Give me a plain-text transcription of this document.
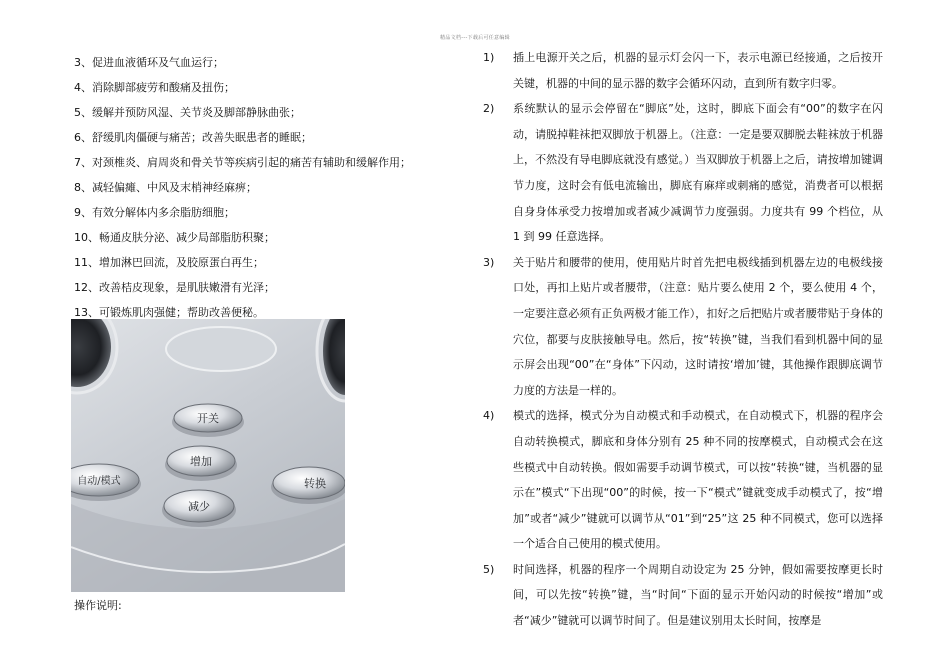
精品文档---下载后可任意编辑
3、促进血液循环及气血运行；
4、消除脚部疲劳和酸痛及扭伤；
5、缓解并预防风湿、关节炎及脚部静脉曲张；
6、舒缓肌肉僵硬与痛苦；改善失眠患者的睡眠；
7、对颈椎炎、肩周炎和骨关节等疾病引起的痛苦有辅助和缓解作用；
8、减轻偏瘫、中风及末梢神经麻痹；
9、有效分解体内多余脂肪细胞；
10、畅通皮肤分泌、减少局部脂肪积聚；
11、增加淋巴回流，及胶原蛋白再生；
12、改善桔皮现象，是肌肤嫩滑有光泽；
13、可锻炼肌肉强健；帮助改善便秘。
开关
增加
自动/模式	转换
减少
操作说明:
1) 插上电源开关之后，机器的显示灯会闪一下，表示电源已经接通，之后按开关键，机器的中间的显示器的数字会循环闪动，直到所有数字归零。
2) 系统默认的显示会停留在“脚底”处，这时，脚底下面会有“00”的数字在闪动，请脱掉鞋袜把双脚放于机器上。（注意：一定是要双脚脱去鞋袜放于机器上，不然没有导电脚底就没有感觉。）当双脚放于机器上之后，请按增加键调节力度，这时会有低电流输出，脚底有麻痒或刺痛的感觉，消费者可以根据自身身体承受力按增加或者减少减调节力度强弱。力度共有 99 个档位，从 1 到 99 任意选择。
3) 关于贴片和腰带的使用，使用贴片时首先把电极线插到机器左边的电极线接口处，再扣上贴片或者腰带，（注意：贴片要么使用 2 个，要么使用 4 个，一定要注意必须有正负两极才能工作），扣好之后把贴片或者腰带贴于身体的穴位，都要与皮肤接触导电。然后，按“转换”键，当我们看到机器中间的显示屏会出现“00”在“身体”下闪动，这时请按‘增加’键，其他操作跟脚底调节力度的方法是一样的。
4) 模式的选择，模式分为自动模式和手动模式，在自动模式下，机器的程序会自动转换模式，脚底和身体分别有 25 种不同的按摩模式，自动模式会在这些模式中自动转换。假如需要手动调节模式，可以按“转换“键，当机器的显示在”模式“下出现“00”的时候，按一下“模式”键就变成手动模式了，按“增加”或者“减少”键就可以调节从“01”到“25”这 25 种不同模式，您可以选择一个适合自己使用的模式使用。
5) 时间选择，机器的程序一个周期自动设定为 25 分钟，假如需要按摩更长时间，可以先按“转换”键，当“时间“下面的显示开始闪动的时候按“增加”或者“减少”键就可以调节时间了。但是建议别用太长时间，按摩是
